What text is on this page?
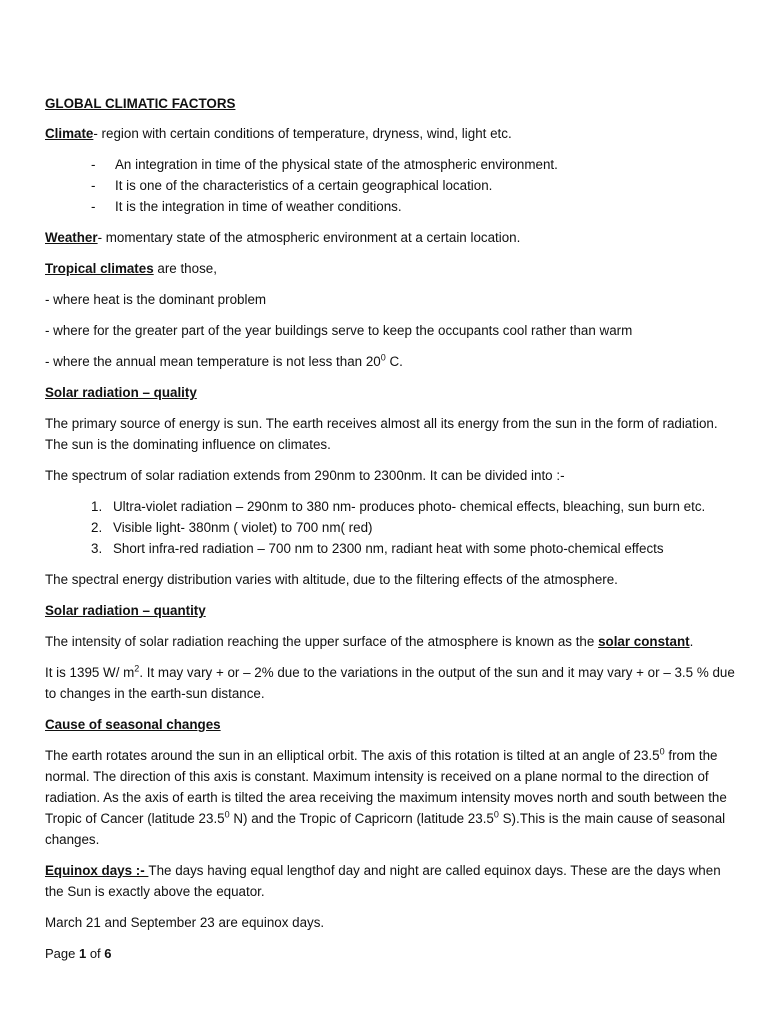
GLOBAL CLIMATIC FACTORS

Climate- region with certain conditions of temperature, dryness, wind, light etc.

- An integration in time of the physical state of the atmospheric environment.
- It is one of the characteristics of a certain geographical location.
- It is the integration in time of weather conditions.

Weather- momentary state of the atmospheric environment at a certain location.

Tropical climates are those,

- where heat is the dominant problem

- where for the greater part of the year buildings serve to keep the occupants cool rather than warm

- where the annual mean temperature is not less than $20^0$ C.

Solar radiation – quality

The primary source of energy is sun. The earth receives almost all its energy from the sun in the form of radiation. The sun is the dominating influence on climates.

The spectrum of solar radiation extends from 290nm to 2300nm. It can be divided into :-

1. Ultra-violet radiation – 290nm to 380 nm- produces photo- chemical effects, bleaching, sun burn etc.
2. Visible light- 380nm ( violet) to 700 nm( red)
3. Short infra-red radiation – 700 nm to 2300 nm, radiant heat with some photo-chemical effects

The spectral energy distribution varies with altitude, due to the filtering effects of the atmosphere.

Solar radiation – quantity

The intensity of solar radiation reaching the upper surface of the atmosphere is known as the solar constant.

It is 1395 W/ $m^2$. It may vary + or – 2% due to the variations in the output of the sun and it may vary + or – 3.5 % due to changes in the earth-sun distance.

Cause of seasonal changes

The earth rotates around the sun in an elliptical orbit. The axis of this rotation is tilted at an angle of 23.5$^0$ from the normal. The direction of this axis is constant. Maximum intensity is received on a plane normal to the direction of radiation. As the axis of earth is tilted the area receiving the maximum intensity moves north and south between the Tropic of Cancer (latitude 23.5$^0$ N) and the Tropic of Capricorn (latitude 23.5$^0$ S).This is the main cause of seasonal changes.

Equinox days :- The days having equal lengthof day and night are called equinox days. These are the days when the Sun is exactly above the equator.

March 21 and September 23 are equinox days.

Page 1 of 6
